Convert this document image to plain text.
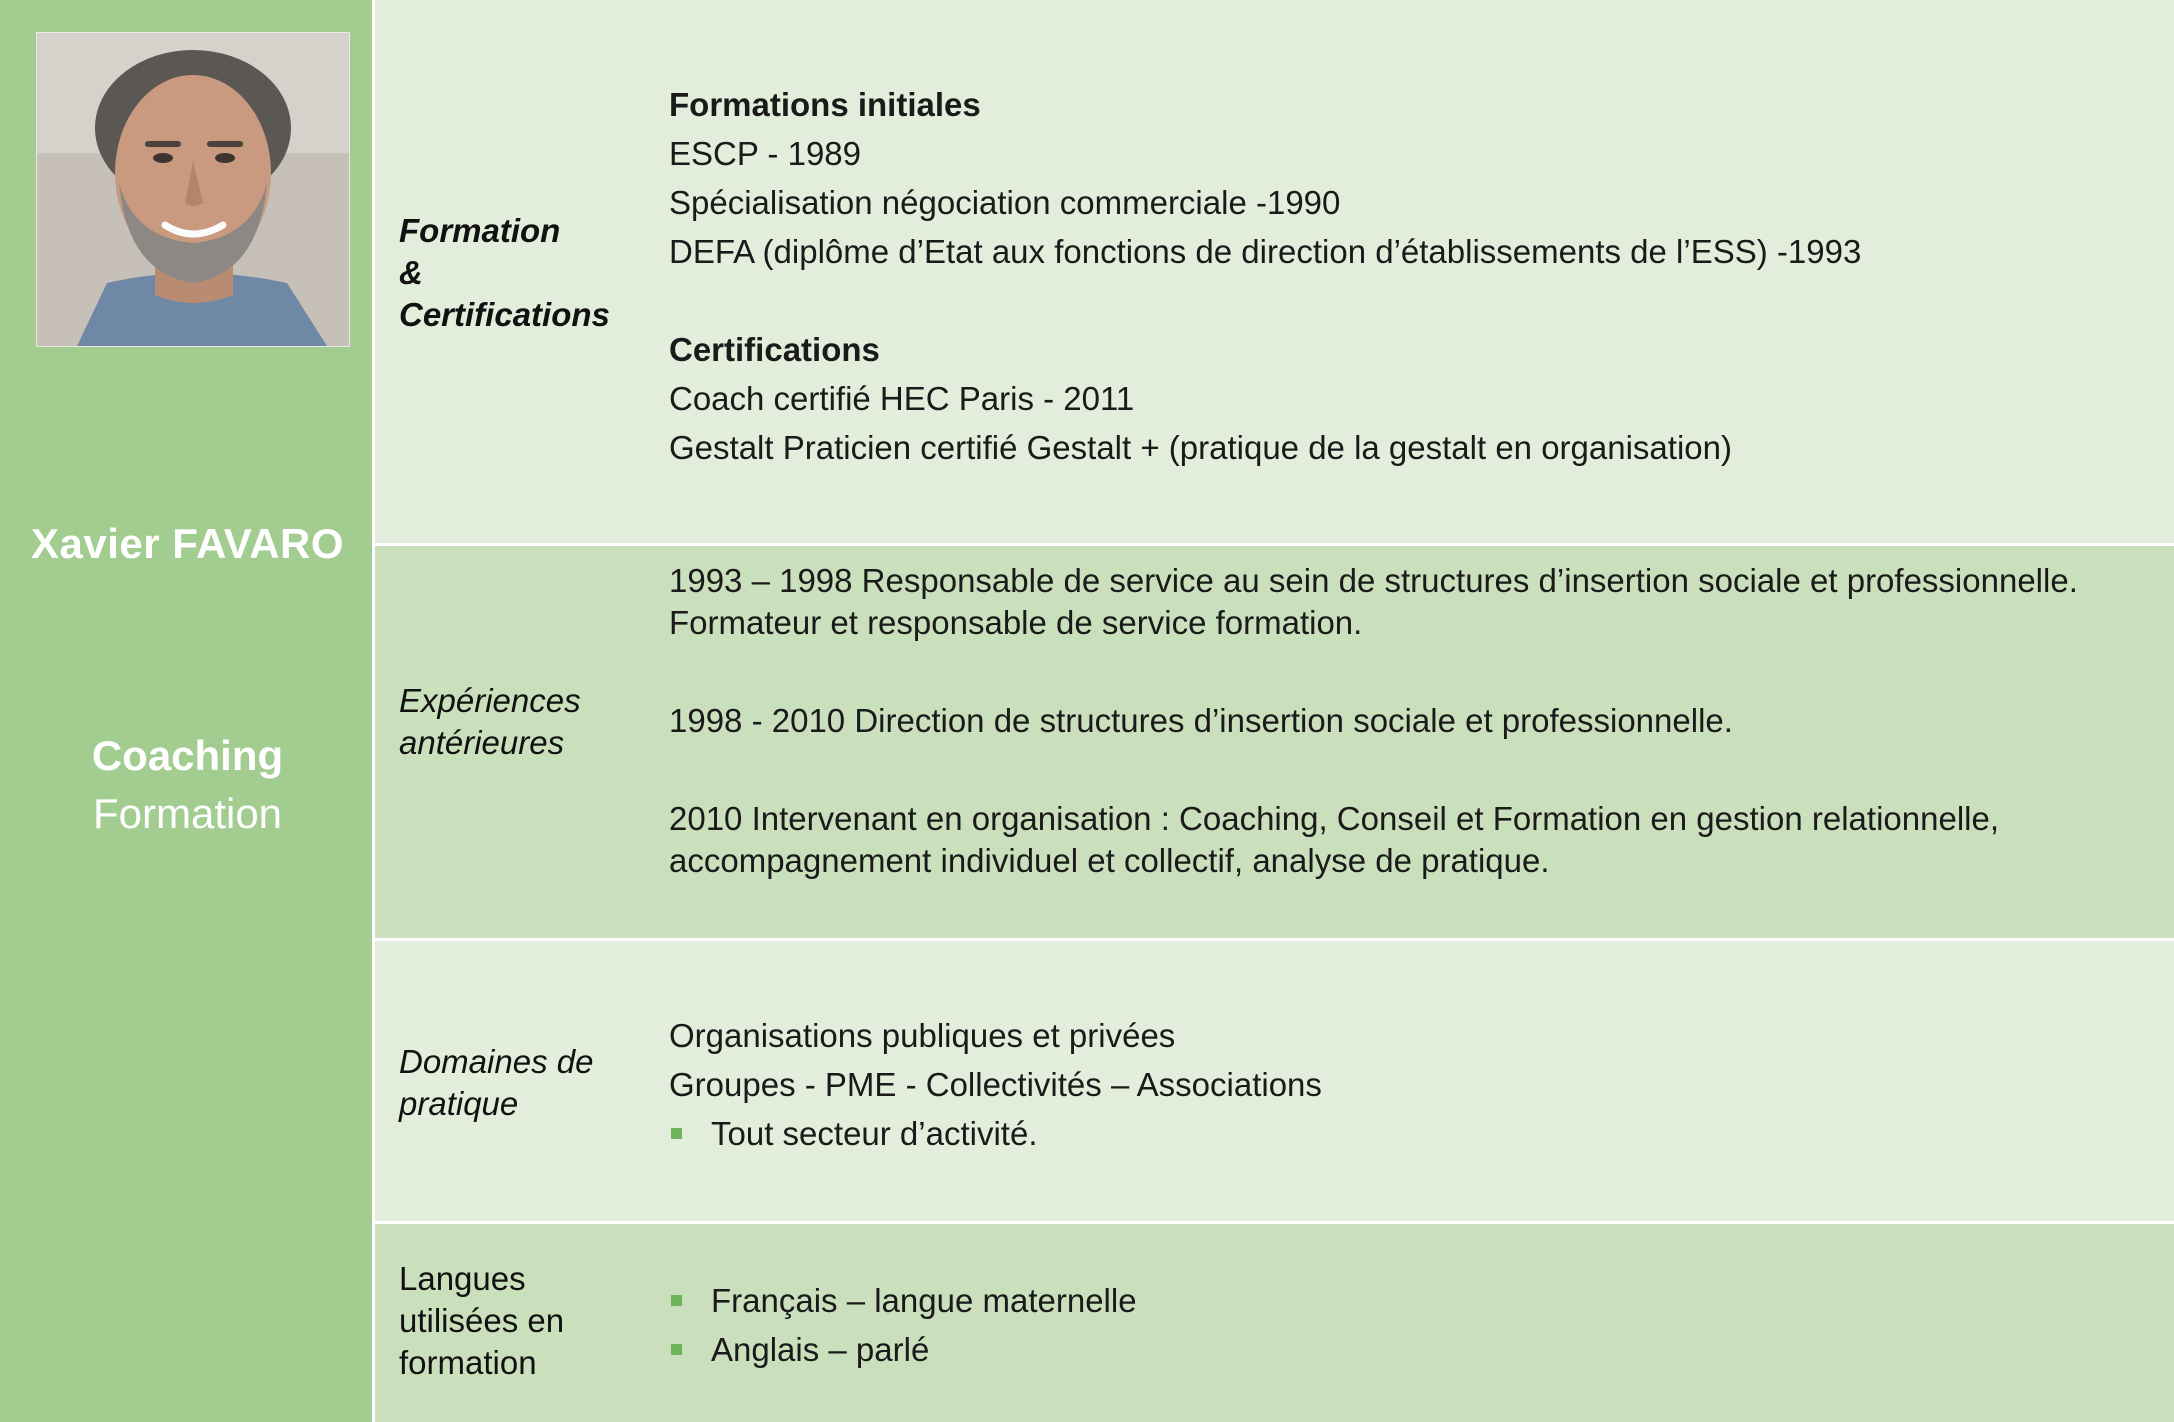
Xavier FAVARO
Coaching
Formation
Formation
&
Certifications

Formations initiales

ESCP - 1989

Spécialisation négociation commerciale -1990

DEFA (diplôme d’Etat aux fonctions de direction d’établissements de l’ESS) -1993

Certifications

Coach certifié HEC Paris - 2011

Gestalt Praticien certifié Gestalt + (pratique de la gestalt en organisation)

Expériences
antérieures

1993 – 1998 Responsable de service au sein de structures d’insertion sociale et professionnelle.

Formateur et responsable de service formation.

1998 - 2010 Direction de structures d’insertion sociale et professionnelle.

2010 Intervenant en organisation : Coaching, Conseil et Formation en gestion relationnelle,

accompagnement individuel et collectif, analyse de pratique.

Domaines de
pratique

Organisations publiques et privées

Groupes - PME - Collectivités – Associations

Tout secteur d’activité.

Langues
utilisées en
formation

Français – langue maternelle

Anglais – parlé
